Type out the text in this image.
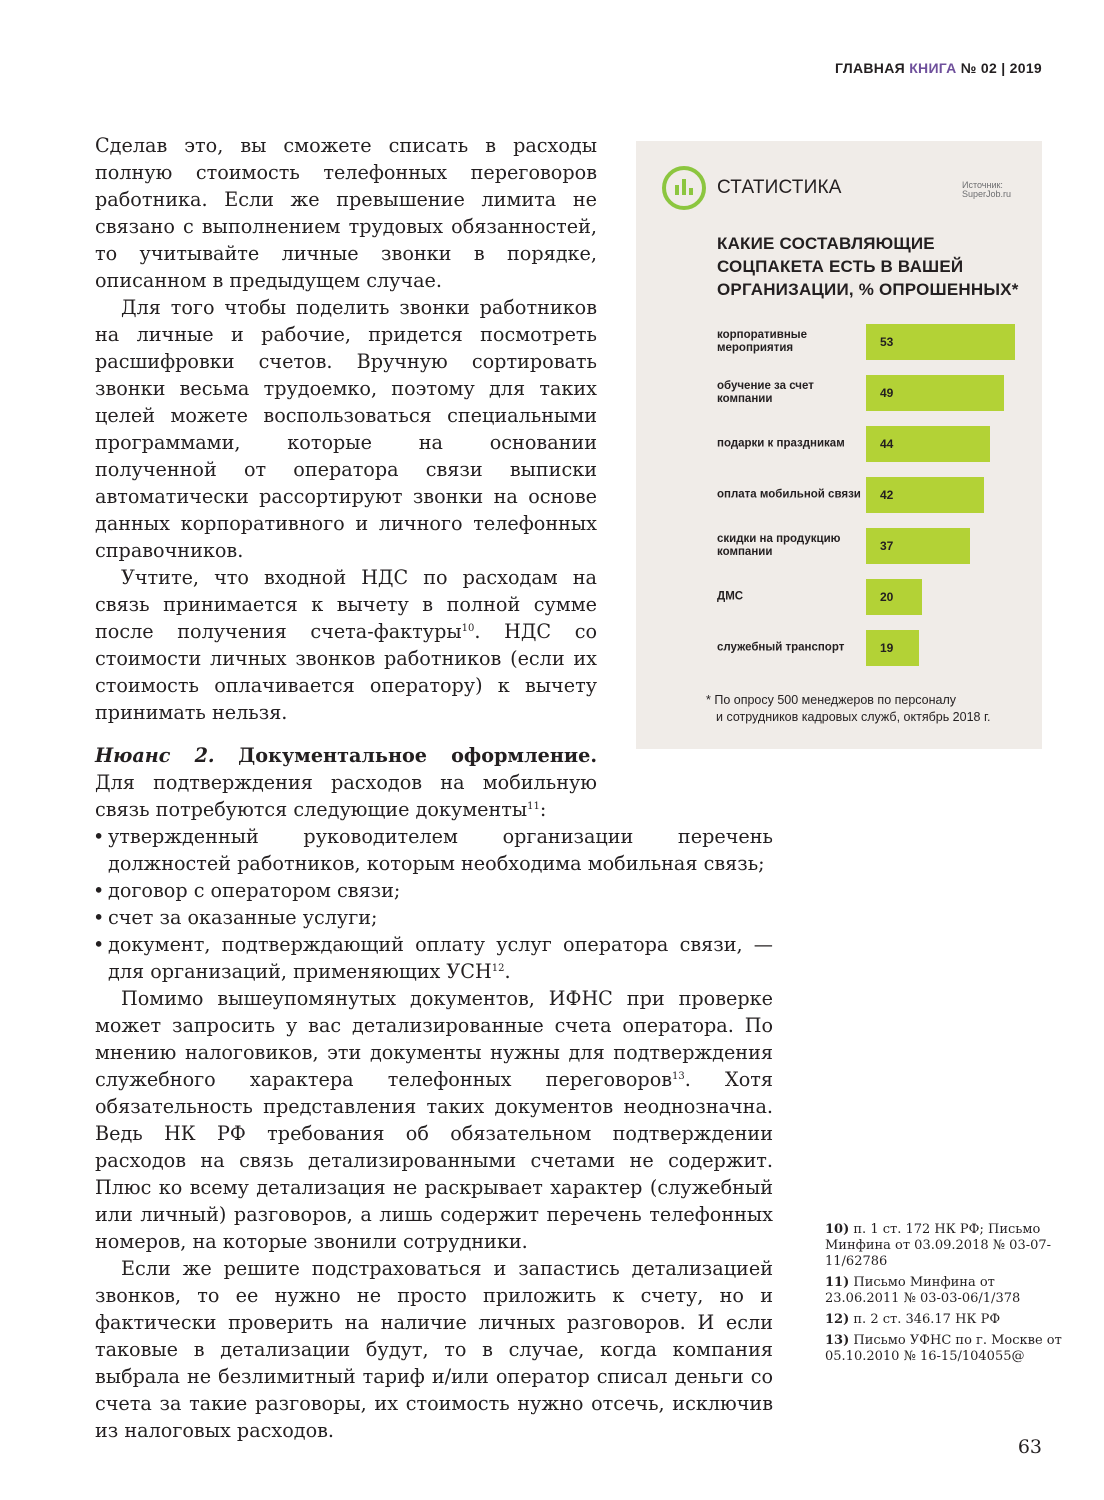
ГЛАВНАЯ КНИГА № 02 | 2019

Сделав это, вы сможете списать в расходы полную стоимость телефонных переговоров работника. Если же превышение лимита не связано с выполнением трудовых обязанностей, то учитывайте личные звонки в порядке, описанном в предыдущем случае.

Для того чтобы поделить звонки работников на личные и рабочие, придется посмотреть расшифровки счетов. Вручную сортировать звонки весьма трудоемко, поэтому для таких целей можете воспользоваться специальными программами, которые на основании полученной от оператора связи выписки автоматически рассортируют звонки на основе данных корпоративного и личного телефонных справочников.

Учтите, что входной НДС по расходам на связь принимается к вычету в полной сумме после получения счета-фактуры$^{10}$. НДС со стоимости личных звонков работников (если их стоимость оплачивается оператору) к вычету принимать нельзя.

Нюанс 2. Документальное оформление.

Для подтверждения расходов на мобильную связь потребуются следующие документы$^{11}$:

• утвержденный руководителем организации перечень должностей работников, которым необходима мобильная связь;
• договор с оператором связи;
• счет за оказанные услуги;
• документ, подтверждающий оплату услуг оператора связи, — для организаций, применяющих УСН$^{12}$.

Помимо вышеупомянутых документов, ИФНС при проверке может запросить у вас детализированные счета оператора. По мнению налоговиков, эти документы нужны для подтверждения служебного характера телефонных переговоров$^{13}$. Хотя обязательность представления таких документов неоднозначна. Ведь НК РФ требования об обязательном подтверждении расходов на связь детализированными счетами не содержит. Плюс ко всему детализация не раскрывает характер (служебный или личный) разговоров, а лишь содержит перечень телефонных номеров, на которые звонили сотрудники.

Если же решите подстраховаться и запастись детализацией звонков, то ее нужно не просто приложить к счету, но и фактически проверить на наличие личных разговоров. И если таковые в детализации будут, то в случае, когда компания выбрала не безлимитный тариф и/или оператор списал деньги со счета за такие разговоры, их стоимость нужно отсечь, исключив из налоговых расходов.

СТАТИСТИКА	Источник:
SuperJob.ru
КАКИЕ СОСТАВЛЯЮЩИЕ СОЦПАКЕТА ЕСТЬ В ВАШЕЙ ОРГАНИЗАЦИИ, % ОПРОШЕННЫХ*
корпоративные мероприятия	53
обучение за счет компании	49
подарки к праздникам	44
оплата мобильной связи	42
скидки на продукцию компании	37
ДМС	20
служебный транспорт	19
* По опросу 500 менеджеров по персоналу
и сотрудников кадровых служб, октябрь 2018 г.
10) п. 1 ст. 172 НК РФ; Письмо Минфина от 03.09.2018 № 03-07-11/62786
11) Письмо Минфина от 23.06.2011 № 03-03-06/1/378
12) п. 2 ст. 346.17 НК РФ
13) Письмо УФНС по г. Москве от 05.10.2010 № 16-15/104055@
63
